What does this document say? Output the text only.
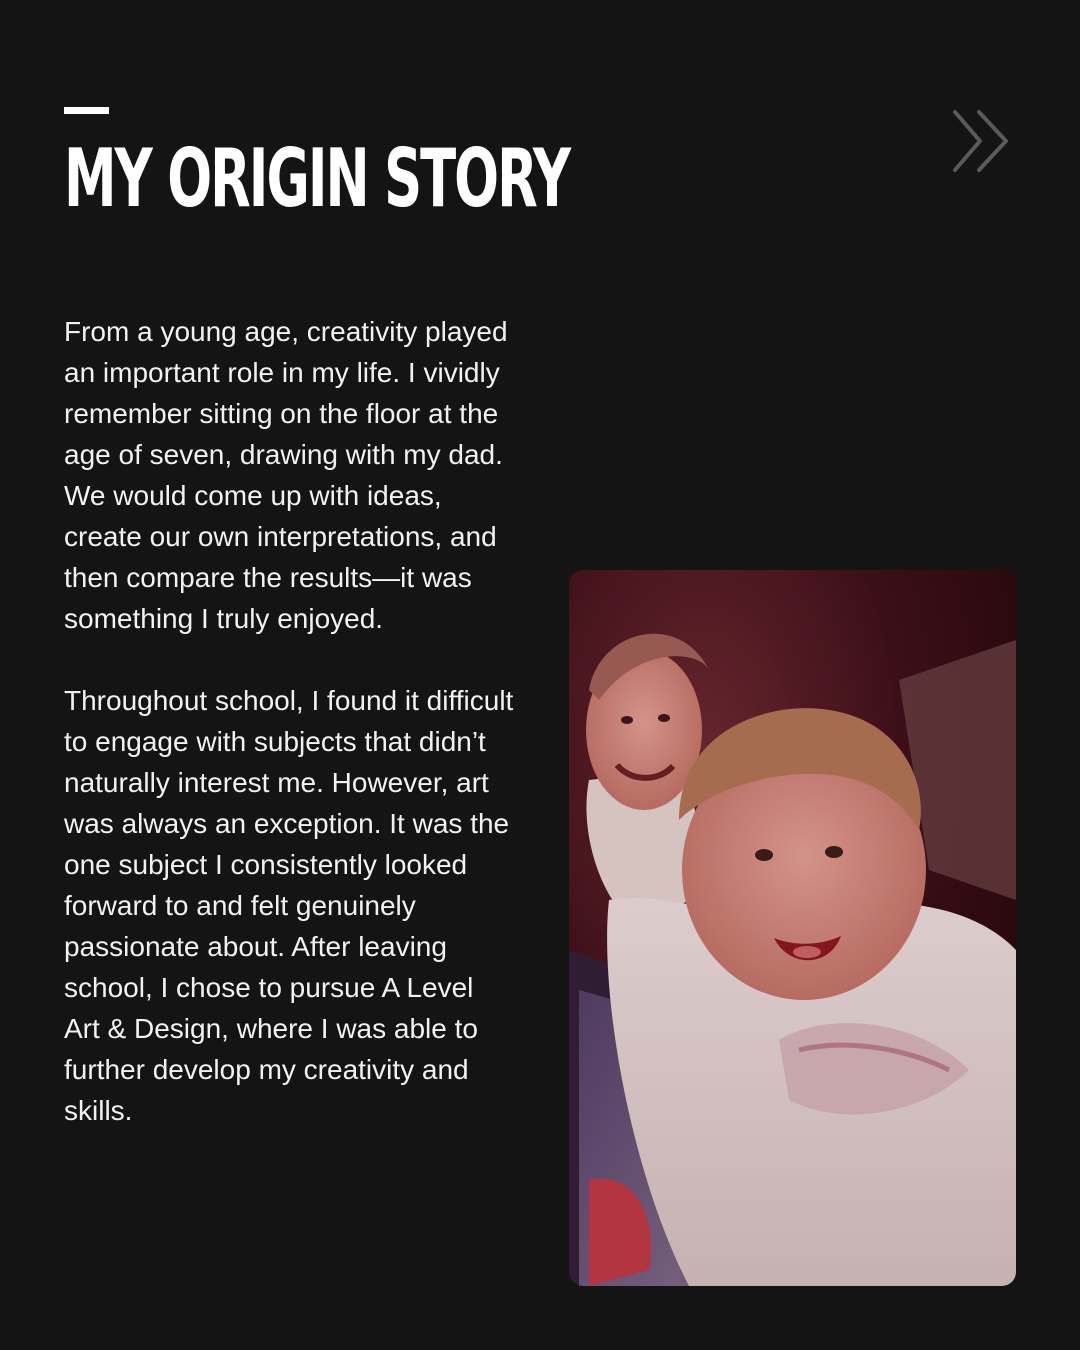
MY ORIGIN STORY

From a young age, creativity played an important role in my life. I vividly remember sitting on the floor at the age of seven, drawing with my dad. We would come up with ideas, create our own interpretations, and then compare the results—it was something I truly enjoyed.

Throughout school, I found it difficult to engage with subjects that didn’t naturally interest me. However, art was always an exception. It was the one subject I consistently looked forward to and felt genuinely passionate about. After leaving school, I chose to pursue A Level Art & Design, where I was able to further develop my creativity and skills.
